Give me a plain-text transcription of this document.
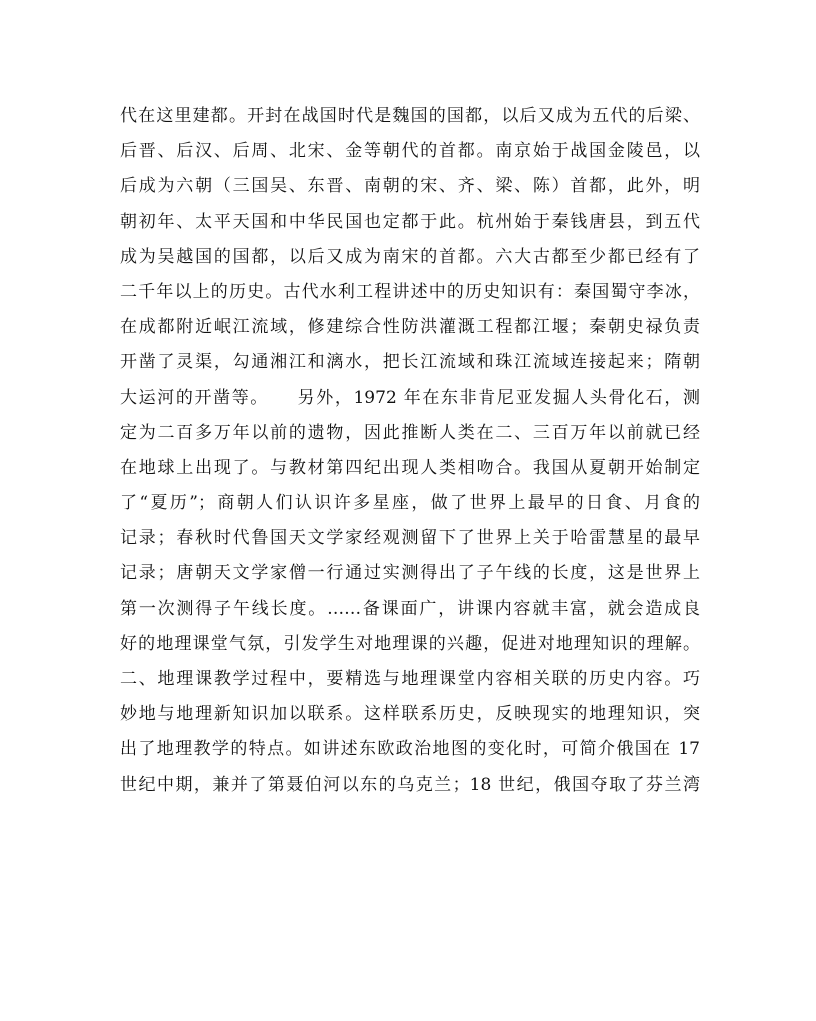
代在这里建都。开封在战国时代是魏国的国都，以后又成为五代的后梁、
后晋、后汉、后周、北宋、金等朝代的首都。南京始于战国金陵邑，以
后成为六朝（三国吴、东晋、南朝的宋、齐、梁、陈）首都，此外，明
朝初年、太平天国和中华民国也定都于此。杭州始于秦钱唐县，到五代
成为吴越国的国都，以后又成为南宋的首都。六大古都至少都已经有了
二千年以上的历史。古代水利工程讲述中的历史知识有：秦国蜀守李冰，
在成都附近岷江流域，修建综合性防洪灌溉工程都江堰；秦朝史禄负责
开凿了灵渠，勾通湘江和漓水，把长江流域和珠江流域连接起来；隋朝
大运河的开凿等。　　另外，1972 年在东非肯尼亚发掘人头骨化石，测
定为二百多万年以前的遗物，因此推断人类在二、三百万年以前就已经
在地球上出现了。与教材第四纪出现人类相吻合。我国从夏朝开始制定
了“夏历”；商朝人们认识许多星座，做了世界上最早的日食、月食的
记录；春秋时代鲁国天文学家经观测留下了世界上关于哈雷慧星的最早
记录；唐朝天文学家僧一行通过实测得出了子午线的长度，这是世界上
第一次测得子午线长度。……备课面广，讲课内容就丰富，就会造成良
好的地理课堂气氛，引发学生对地理课的兴趣，促进对地理知识的理解。
二、地理课教学过程中，要精选与地理课堂内容相关联的历史内容。巧
妙地与地理新知识加以联系。这样联系历史，反映现实的地理知识，突
出了地理教学的特点。如讲述东欧政治地图的变化时，可简介俄国在 17
世纪中期，兼并了第聂伯河以东的乌克兰；18 世纪，俄国夺取了芬兰湾
